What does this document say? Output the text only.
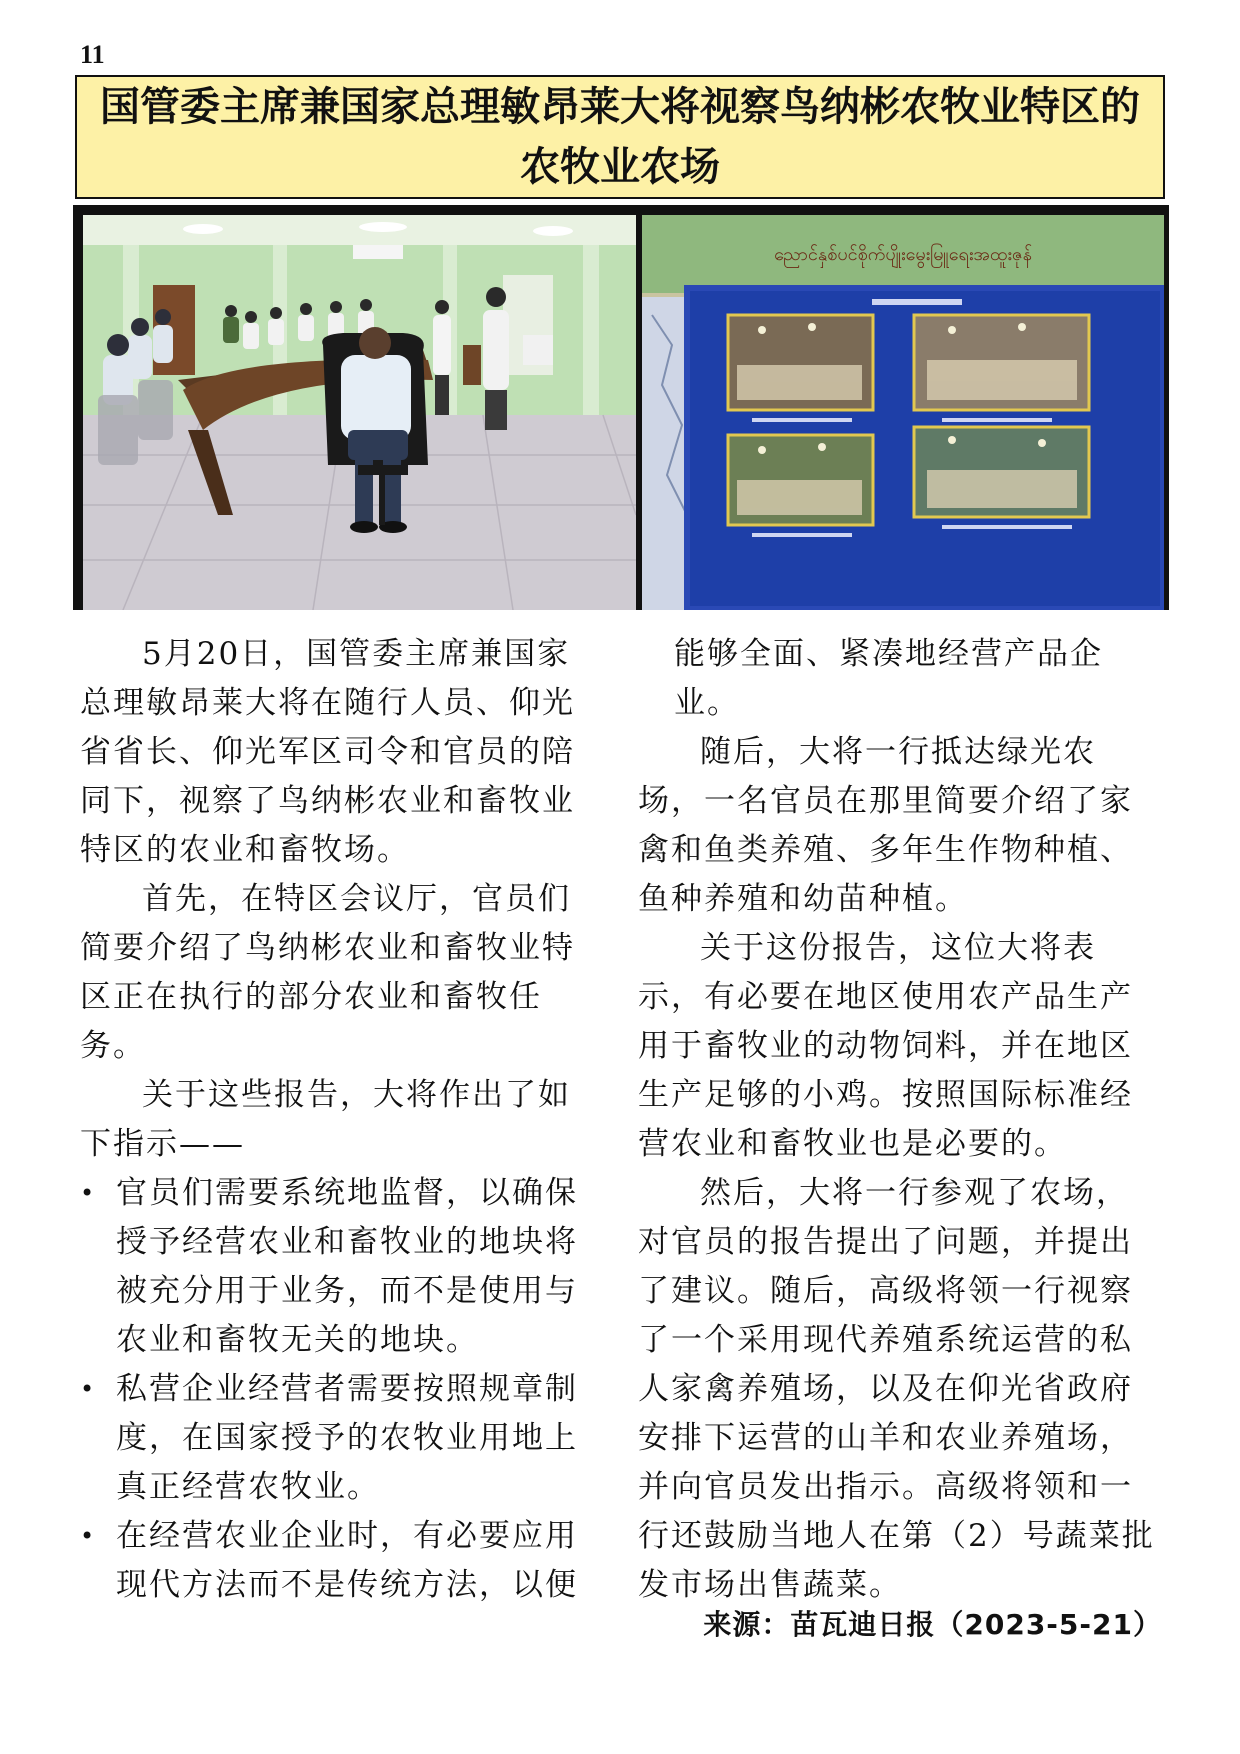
11
国管委主席兼国家总理敏昂莱大将视察鸟纳彬农牧业特区的农牧业农场
ညောင်နှစ်ပင်စိုက်ပျိုးမွေးမြူရေးအထူးဇုန်

5月20日，国管委主席兼国家总理敏昂莱大将在随行人员、仰光省省长、仰光军区司令和官员的陪同下，视察了鸟纳彬农业和畜牧业特区的农业和畜牧场。

首先，在特区会议厅，官员们简要介绍了鸟纳彬农业和畜牧业特区正在执行的部分农业和畜牧任务。

关于这些报告，大将作出了如下指示——

• 官员们需要系统地监督，以确保授予经营农业和畜牧业的地块将被充分用于业务，而不是使用与农业和畜牧无关的地块。
• 私营企业经营者需要按照规章制度，在国家授予的农牧业用地上真正经营农牧业。
• 在经营农业企业时，有必要应用现代方法而不是传统方法，以便

能够全面、紧凑地经营产品企业。

随后，大将一行抵达绿光农场，一名官员在那里简要介绍了家禽和鱼类养殖、多年生作物种植、鱼种养殖和幼苗种植。

关于这份报告，这位大将表示，有必要在地区使用农产品生产用于畜牧业的动物饲料，并在地区生产足够的小鸡。按照国际标准经营农业和畜牧业也是必要的。

然后，大将一行参观了农场，对官员的报告提出了问题，并提出了建议。随后，高级将领一行视察了一个采用现代养殖系统运营的私人家禽养殖场，以及在仰光省政府安排下运营的山羊和农业养殖场，并向官员发出指示。高级将领和一行还鼓励当地人在第（2）号蔬菜批发市场出售蔬菜。

来源：苗瓦迪日报（2023-5-21）
